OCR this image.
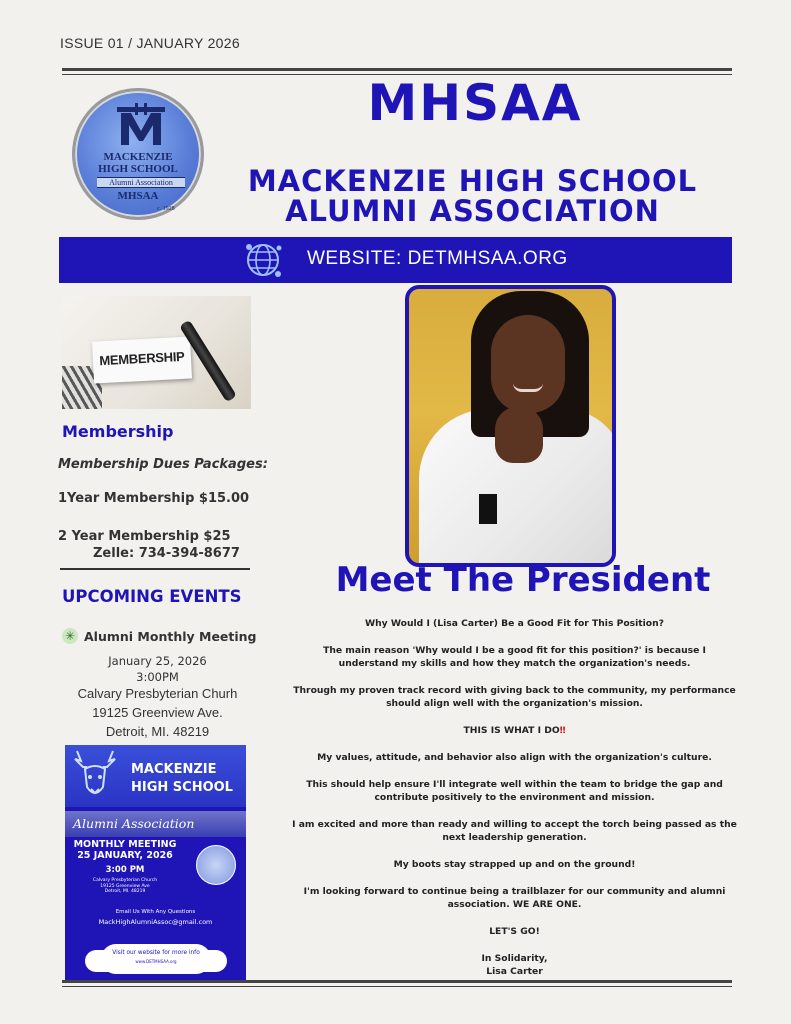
ISSUE 01 / JANUARY 2026
MACKENZIE
HIGH SCHOOL
Alumni Association
MHSAA
c. 1928
MHSAA
MACKENZIE HIGH SCHOOL
ALUMNI ASSOCIATION
WEBSITE: DETMHSAA.ORG
MEMBERSHIP
Membership
Membership Dues Packages:
1Year Membership $15.00
2 Year Membership $25
Zelle: 734-394-8677
UPCOMING EVENTS
✳ Alumni Monthly Meeting
January 25, 2026
3:00PM
Calvary Presbyterian Churh
19125 Greenview Ave.
Detroit, MI. 48219
MACKENZIE
HIGH SCHOOL
Alumni Association
MONTHLY MEETING
25 JANUARY, 2026
3:00 PM
Calvary Presbyterian Church
19125 Greenview Ave
Detroit, MI. 48219
Email Us With Any Questions
MackHighAlumniAssoc@gmail.com
Visit our website for more info
www.DETMHSAA.org
Meet The President
Why Would I (Lisa Carter) Be a Good Fit for This Position?
The main reason 'Why would I be a good fit for this position?' is because I understand my skills and how they match the organization's needs.
Through my proven track record with giving back to the community, my performance should align well with the organization's mission.
THIS IS WHAT I DO‼
My values, attitude, and behavior also align with the organization's culture.
This should help ensure I'll integrate well within the team to bridge the gap and contribute positively to the environment and mission.
I am excited and more than ready and willing to accept the torch being passed as the next leadership generation.
My boots stay strapped up and on the ground!
I'm looking forward to continue being a trailblazer for our community and alumni association. WE ARE ONE.
LET'S GO!
In Solidarity,
Lisa Carter
